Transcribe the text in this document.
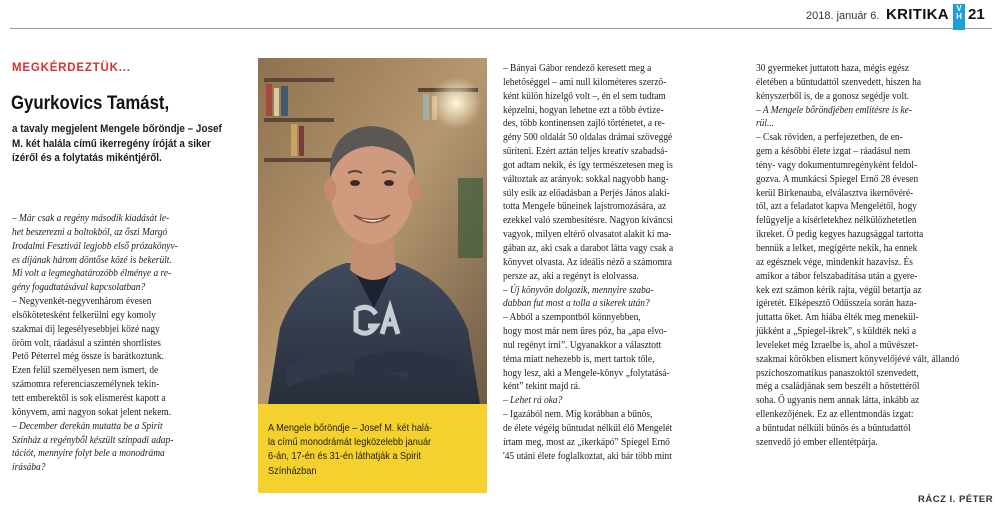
2018. január 6. KRITIKA V
H 21
MEGKÉRDEZTÜK...
Gyurkovics Tamást,
a tavaly megjelent Mengele bőröndje – Josef
M. két halála című ikerregény íróját a siker
ízéről és a folytatás mikéntjéről.
– Már csak a regény második kiadását le-
het beszerezni a boltokból, az őszi Margó
Irodalmi Fesztivál legjobb első prózakönyv-
es díjának három döntőse közé is bekerült.
Mi volt a legmeghatározóbb élménye a re-
gény fogadtatásával kapcsolatban?
– Negyvenkét-negyvenhárom évesen
elsőkötetesként felkerülni egy komoly
szakmai díj legesélyesebbjei közé nagy
öröm volt, ráadásul a szintén shortlistes
Pető Péterrel még össze is barátkoztunk.
Ezen felül személyesen nem ismert, de
számomra referenciaszemélynek tekin-
tett emberektől is sok elismerést kapott a
könyvem, ami nagyon sokat jelent nekem.
– December derekán mutatta be a Spirit
Színház a regényből készült színpadi adap-
tációt, mennyire folyt bele a monodráma
írásába?
– Bányai Gábor rendező keresett meg a
lehetőséggel – ami null kilométeres szerző-
ként külön hízelgő volt –, én el sem tudtam
képzelni, hogyan lehetne ezt a több évtize-
des, több kontinensen zajló történetet, a re-
gény 500 oldalát 50 oldalas drámai szöveggé
sűríteni. Ezért aztán teljes kreatív szabadsá-
got adtam nekik, és így természetesen meg is
változtak az arányok: sokkal nagyobb hang-
súly esik az előadásban a Perjés János alakí-
totta Mengele bűneinek lajstromozására, az
ezekkel való szembesítésre. Nagyon kíváncsi
vagyok, milyen eltérő olvasatot alakít ki ma-
gában az, aki csak a darabot látta vagy csak a
könyvet olvasta. Az ideális néző a számomra
persze az, aki a regényt is elolvassa.
– Új könyvön dolgozik, mennyire szaba-
dabban fut most a tolla a sikerek után?
– Abból a szempontból könnyebben,
hogy most már nem üres póz, ha „apa elvo-
nul regényt írni”. Ugyanakkor a választott
téma miatt nehezebb is, mert tartok tőle,
hogy lesz, aki a Mengele-könyv „folytatásá-
ként” tekint majd rá.
– Lehet rá oka?
– Igazából nem. Míg korábban a bűnös,
de élete végéig büntudat nélkül élő Mengelét
írtam meg, most az „ikerkápó” Spiegel Ernő
'45 utáni élete foglalkoztat, aki bár több mint
30 gyermeket juttatott haza, mégis egész
életében a bűntudattól szenvedett, hiszen ha
kényszerből is, de a gonosz segédje volt.
– A Mengele bőröndjében említésre is ke-
rül...
– Csak röviden, a perfejezetben, de en-
gem a későbbi élete izgat – ráadásul nem
tény- vagy dokumentumregényként feldol-
gozva. A munkácsi Spiegel Ernő 28 évesen
kerül Birkenauba, elválasztva ikernővéré-
től, azt a feladatot kapva Mengelétől, hogy
felügyelje a kísérletekhez nélkülözhetetlen
ikreket. Ő pedig kegyes hazugsággal tartotta
bennük a lelket, megígérte nekik, ha ennek
az egésznek vége, mindenkit hazavisz. És
amikor a tábor felszabadítása után a gyere-
kek ezt számon kérik rajta, végül betartja az
ígéretét. Elképesztő Odüsszeia során haza-
juttatta őket. Am hiába élték meg menekül-
jükként a „Spiegel-ikrek”, s küldték neki a
leveleket még Izraelbe is, ahol a művészet-
szakmai körökben elismert könyvelőjévé vált, állandó
pszichoszomatikus panaszoktól szenvedett,
még a családjának sem beszélt a hőstettéről
soha. Ő ugyanis nem annak látta, inkább az
ellenkezőjének. Ez az ellentmondás izgat:
a bűntudat nélküli bűnös és a bűntudattól
szenvedő jó ember ellentétpárja.
A Mengele bőröndje – Josef M. két halá-
la című monodrámát legközelebb január
6-án, 17-én és 31-én láthatják a Spirit
Színházban
RÁCZ I. PÉTER
